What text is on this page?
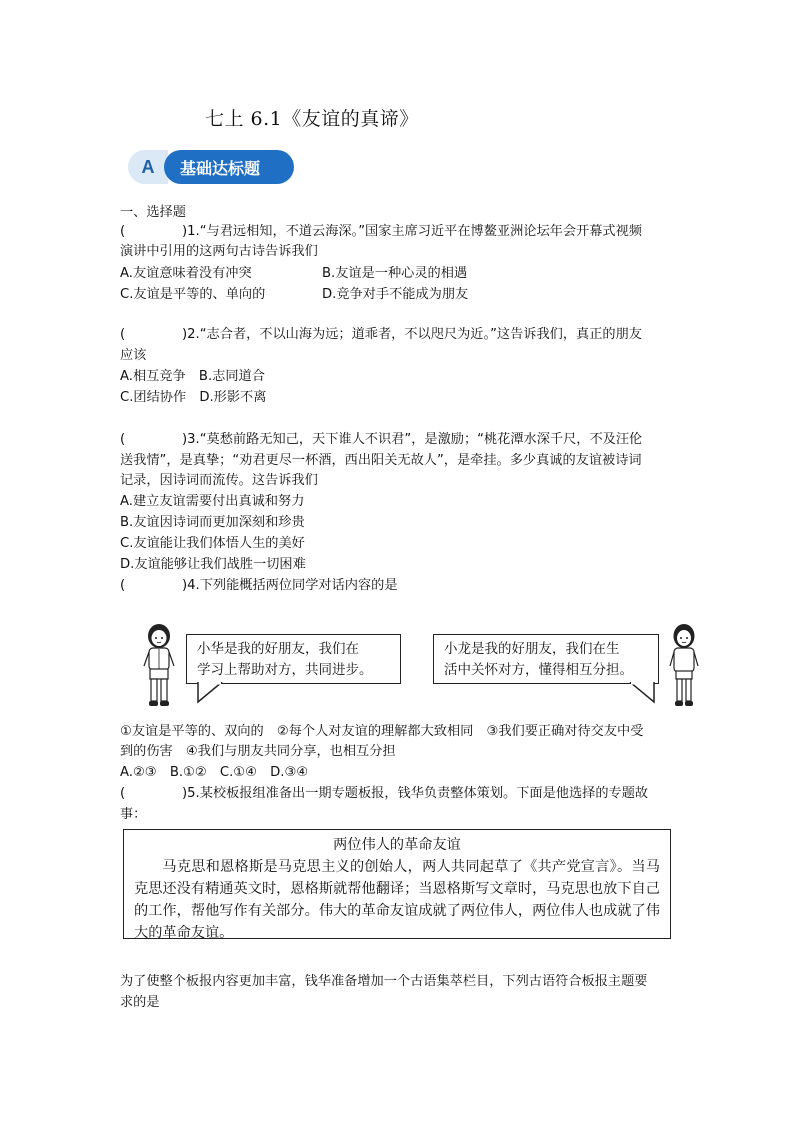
七上 6.1《友谊的真谛》
A	基础达标题
一、选择题
(	)1.“与君远相知，不道云海深。”国家主席习近平在博鳌亚洲论坛年会开幕式视频
演讲中引用的这两句古诗告诉我们
A.友谊意味着没有冲突	B.友谊是一种心灵的相遇
C.友谊是平等的、单向的	D.竞争对手不能成为朋友
(	)2.“志合者，不以山海为远；道乖者，不以咫尺为近。”这告诉我们，真正的朋友
应该
A.相互竞争　B.志同道合
C.团结协作　D.形影不离
(	)3.“莫愁前路无知己，天下谁人不识君”，是激励；“桃花潭水深千尺，不及汪伦
送我情”，是真挚；“劝君更尽一杯酒，西出阳关无故人”，是牵挂。多少真诚的友谊被诗词
记录，因诗词而流传。这告诉我们
A.建立友谊需要付出真诚和努力
B.友谊因诗词而更加深刻和珍贵
C.友谊能让我们体悟人生的美好
D.友谊能够让我们战胜一切困难
(	)4.下列能概括两位同学对话内容的是
小华是我的好朋友，我们在
学习上帮助对方，共同进步。
小龙是我的好朋友，我们在生
活中关怀对方，懂得相互分担。
①友谊是平等的、双向的　②每个人对友谊的理解都大致相同　③我们要正确对待交友中受
到的伤害　④我们与朋友共同分享，也相互分担
A.②③　B.①②　C.①④　D.③④
(	)5.某校板报组准备出一期专题板报，钱华负责整体策划。下面是他选择的专题故
事：
两位伟人的革命友谊
马克思和恩格斯是马克思主义的创始人，两人共同起草了《共产党宣言》。当马克思还没有精通英文时，恩格斯就帮他翻译；当恩格斯写文章时，马克思也放下自己的工作，帮他写作有关部分。伟大的革命友谊成就了两位伟人，两位伟人也成就了伟大的革命友谊。
为了使整个板报内容更加丰富，钱华准备增加一个古语集萃栏目，下列古语符合板报主题要
求的是
